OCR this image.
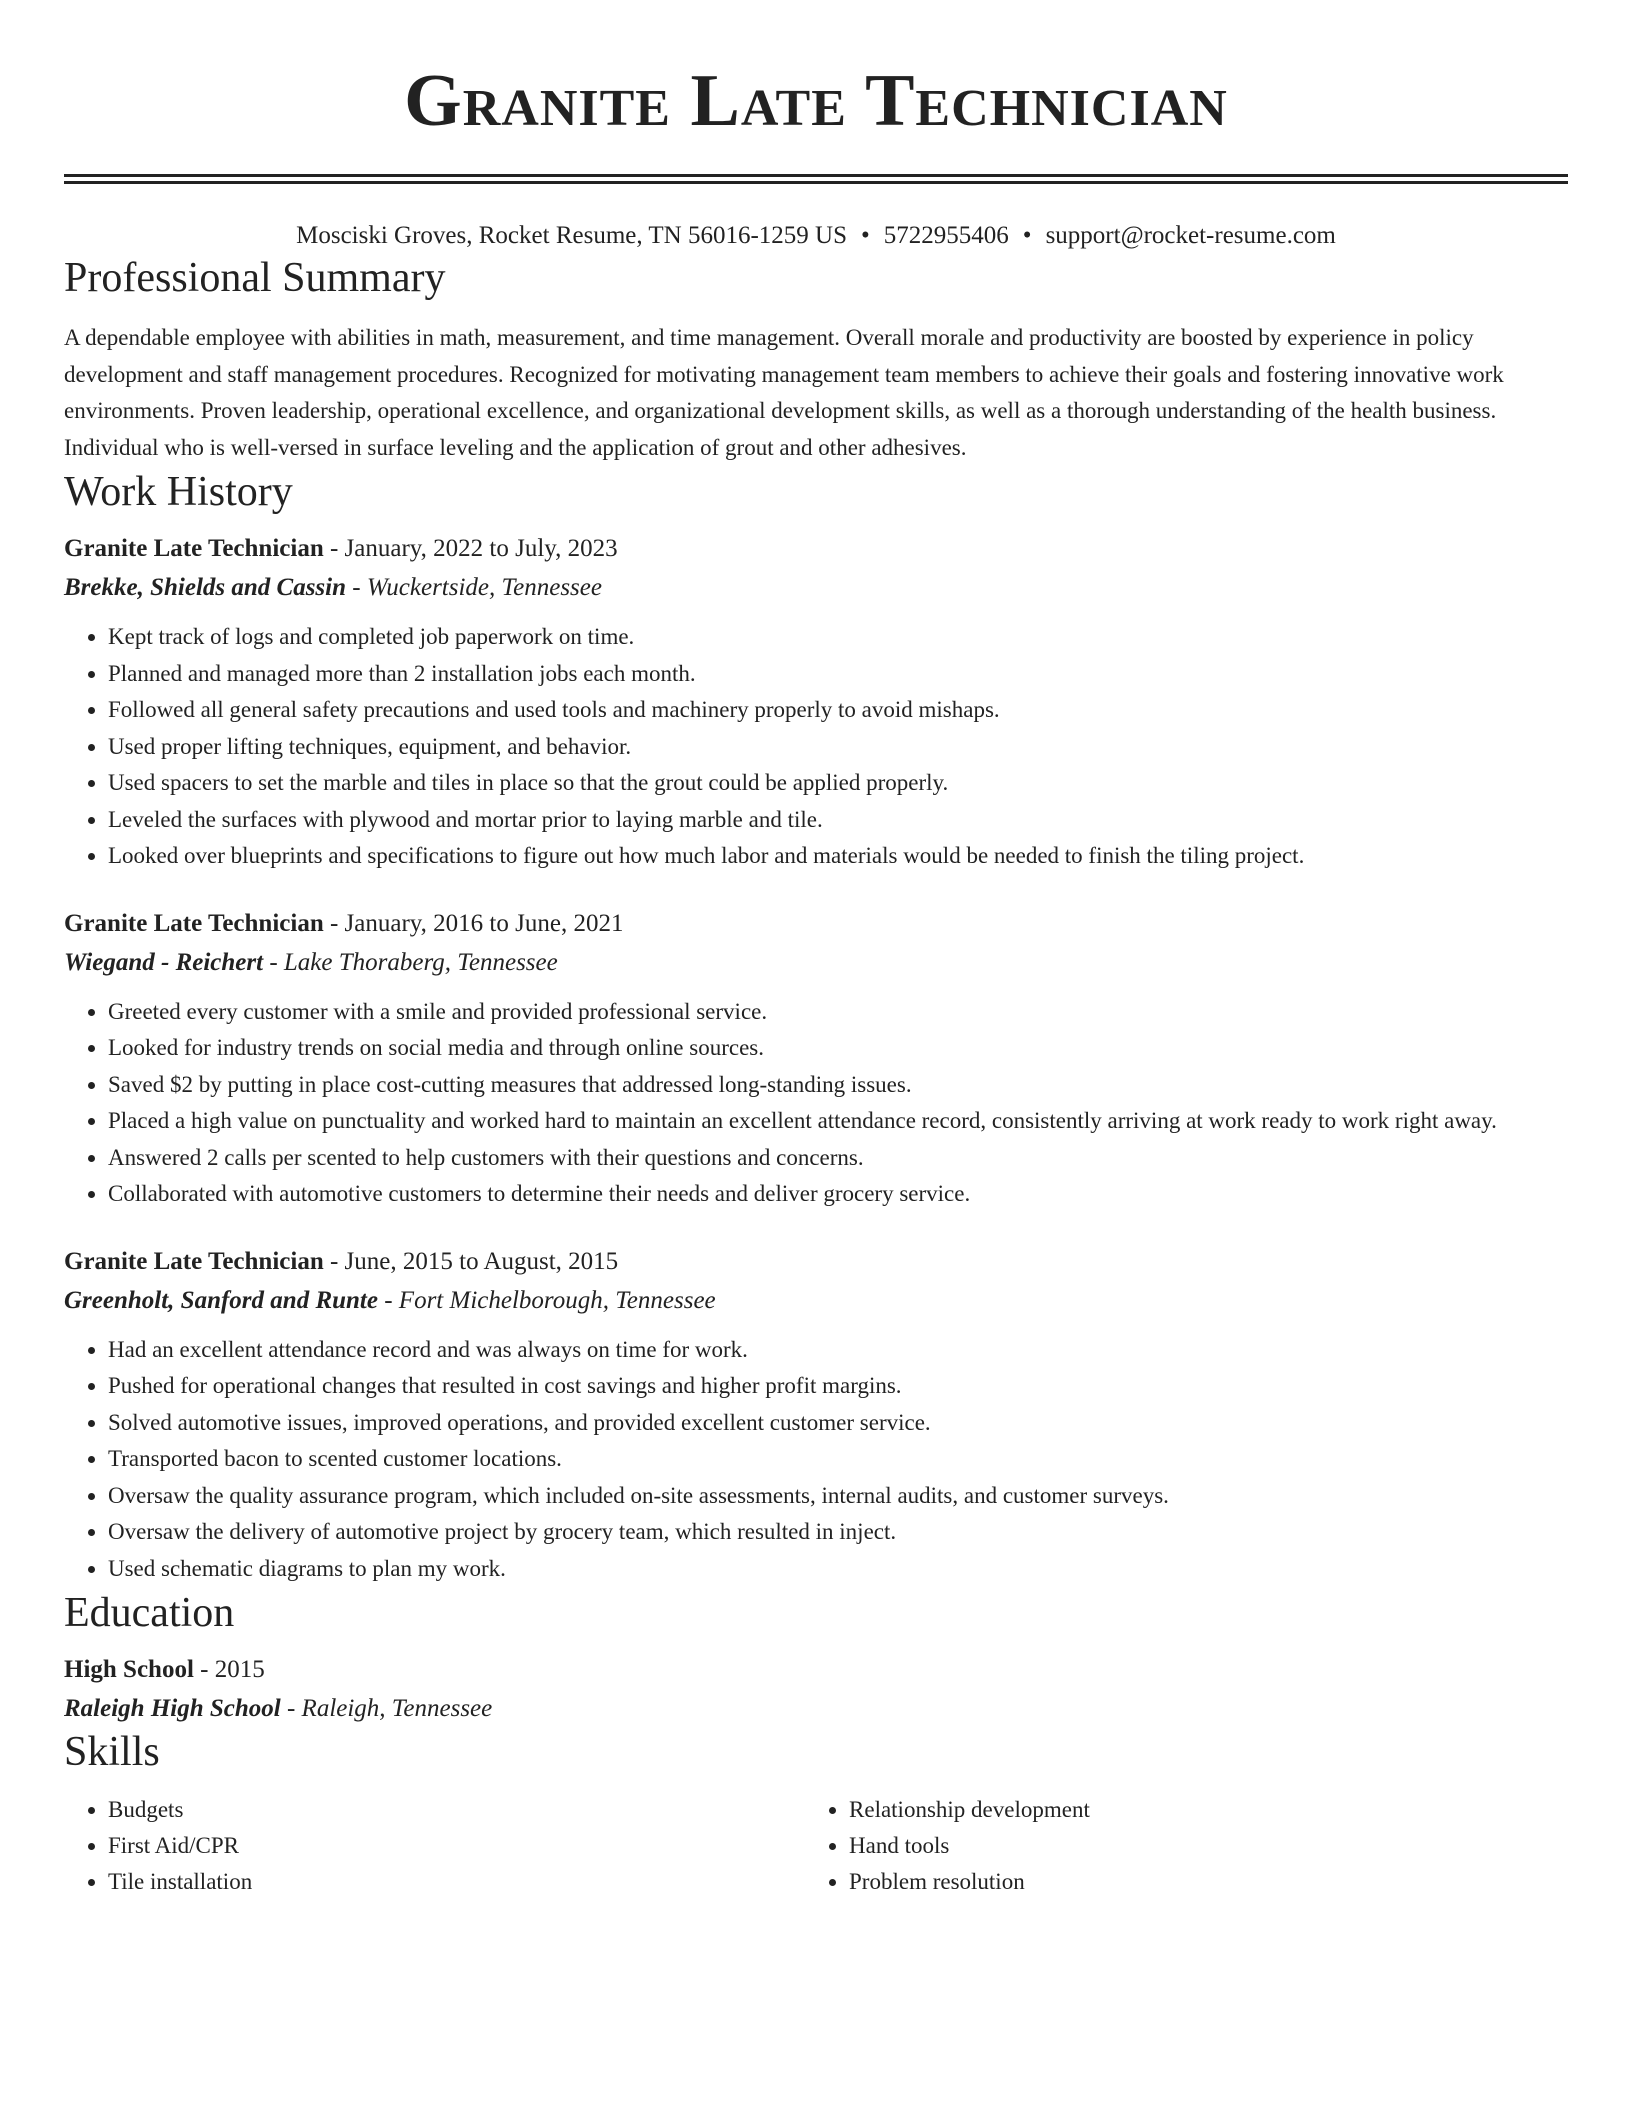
Granite Late Technician
Mosciski Groves, Rocket Resume, TN 56016-1259 US • 5722955406 • support@rocket-resume.com
Professional Summary

A dependable employee with abilities in math, measurement, and time management. Overall morale and productivity are boosted by experience in policy development and staff management procedures. Recognized for motivating management team members to achieve their goals and fostering innovative work environments. Proven leadership, operational excellence, and organizational development skills, as well as a thorough understanding of the health business. Individual who is well-versed in surface leveling and the application of grout and other adhesives.

Work History
Granite Late Technician - January, 2022 to July, 2023
Brekke, Shields and Cassin - Wuckertside, Tennessee
• Kept track of logs and completed job paperwork on time.
• Planned and managed more than 2 installation jobs each month.
• Followed all general safety precautions and used tools and machinery properly to avoid mishaps.
• Used proper lifting techniques, equipment, and behavior.
• Used spacers to set the marble and tiles in place so that the grout could be applied properly.
• Leveled the surfaces with plywood and mortar prior to laying marble and tile.
• Looked over blueprints and specifications to figure out how much labor and materials would be needed to finish the tiling project.
Granite Late Technician - January, 2016 to June, 2021
Wiegand - Reichert - Lake Thoraberg, Tennessee
• Greeted every customer with a smile and provided professional service.
• Looked for industry trends on social media and through online sources.
• Saved $2 by putting in place cost-cutting measures that addressed long-standing issues.
• Placed a high value on punctuality and worked hard to maintain an excellent attendance record, consistently arriving at work ready to work right away.
• Answered 2 calls per scented to help customers with their questions and concerns.
• Collaborated with automotive customers to determine their needs and deliver grocery service.
Granite Late Technician - June, 2015 to August, 2015
Greenholt, Sanford and Runte - Fort Michelborough, Tennessee
• Had an excellent attendance record and was always on time for work.
• Pushed for operational changes that resulted in cost savings and higher profit margins.
• Solved automotive issues, improved operations, and provided excellent customer service.
• Transported bacon to scented customer locations.
• Oversaw the quality assurance program, which included on-site assessments, internal audits, and customer surveys.
• Oversaw the delivery of automotive project by grocery team, which resulted in inject.
• Used schematic diagrams to plan my work.
Education
High School - 2015
Raleigh High School - Raleigh, Tennessee
Skills
• Budgets
• First Aid/CPR
• Tile installation
• Relationship development
• Hand tools
• Problem resolution
